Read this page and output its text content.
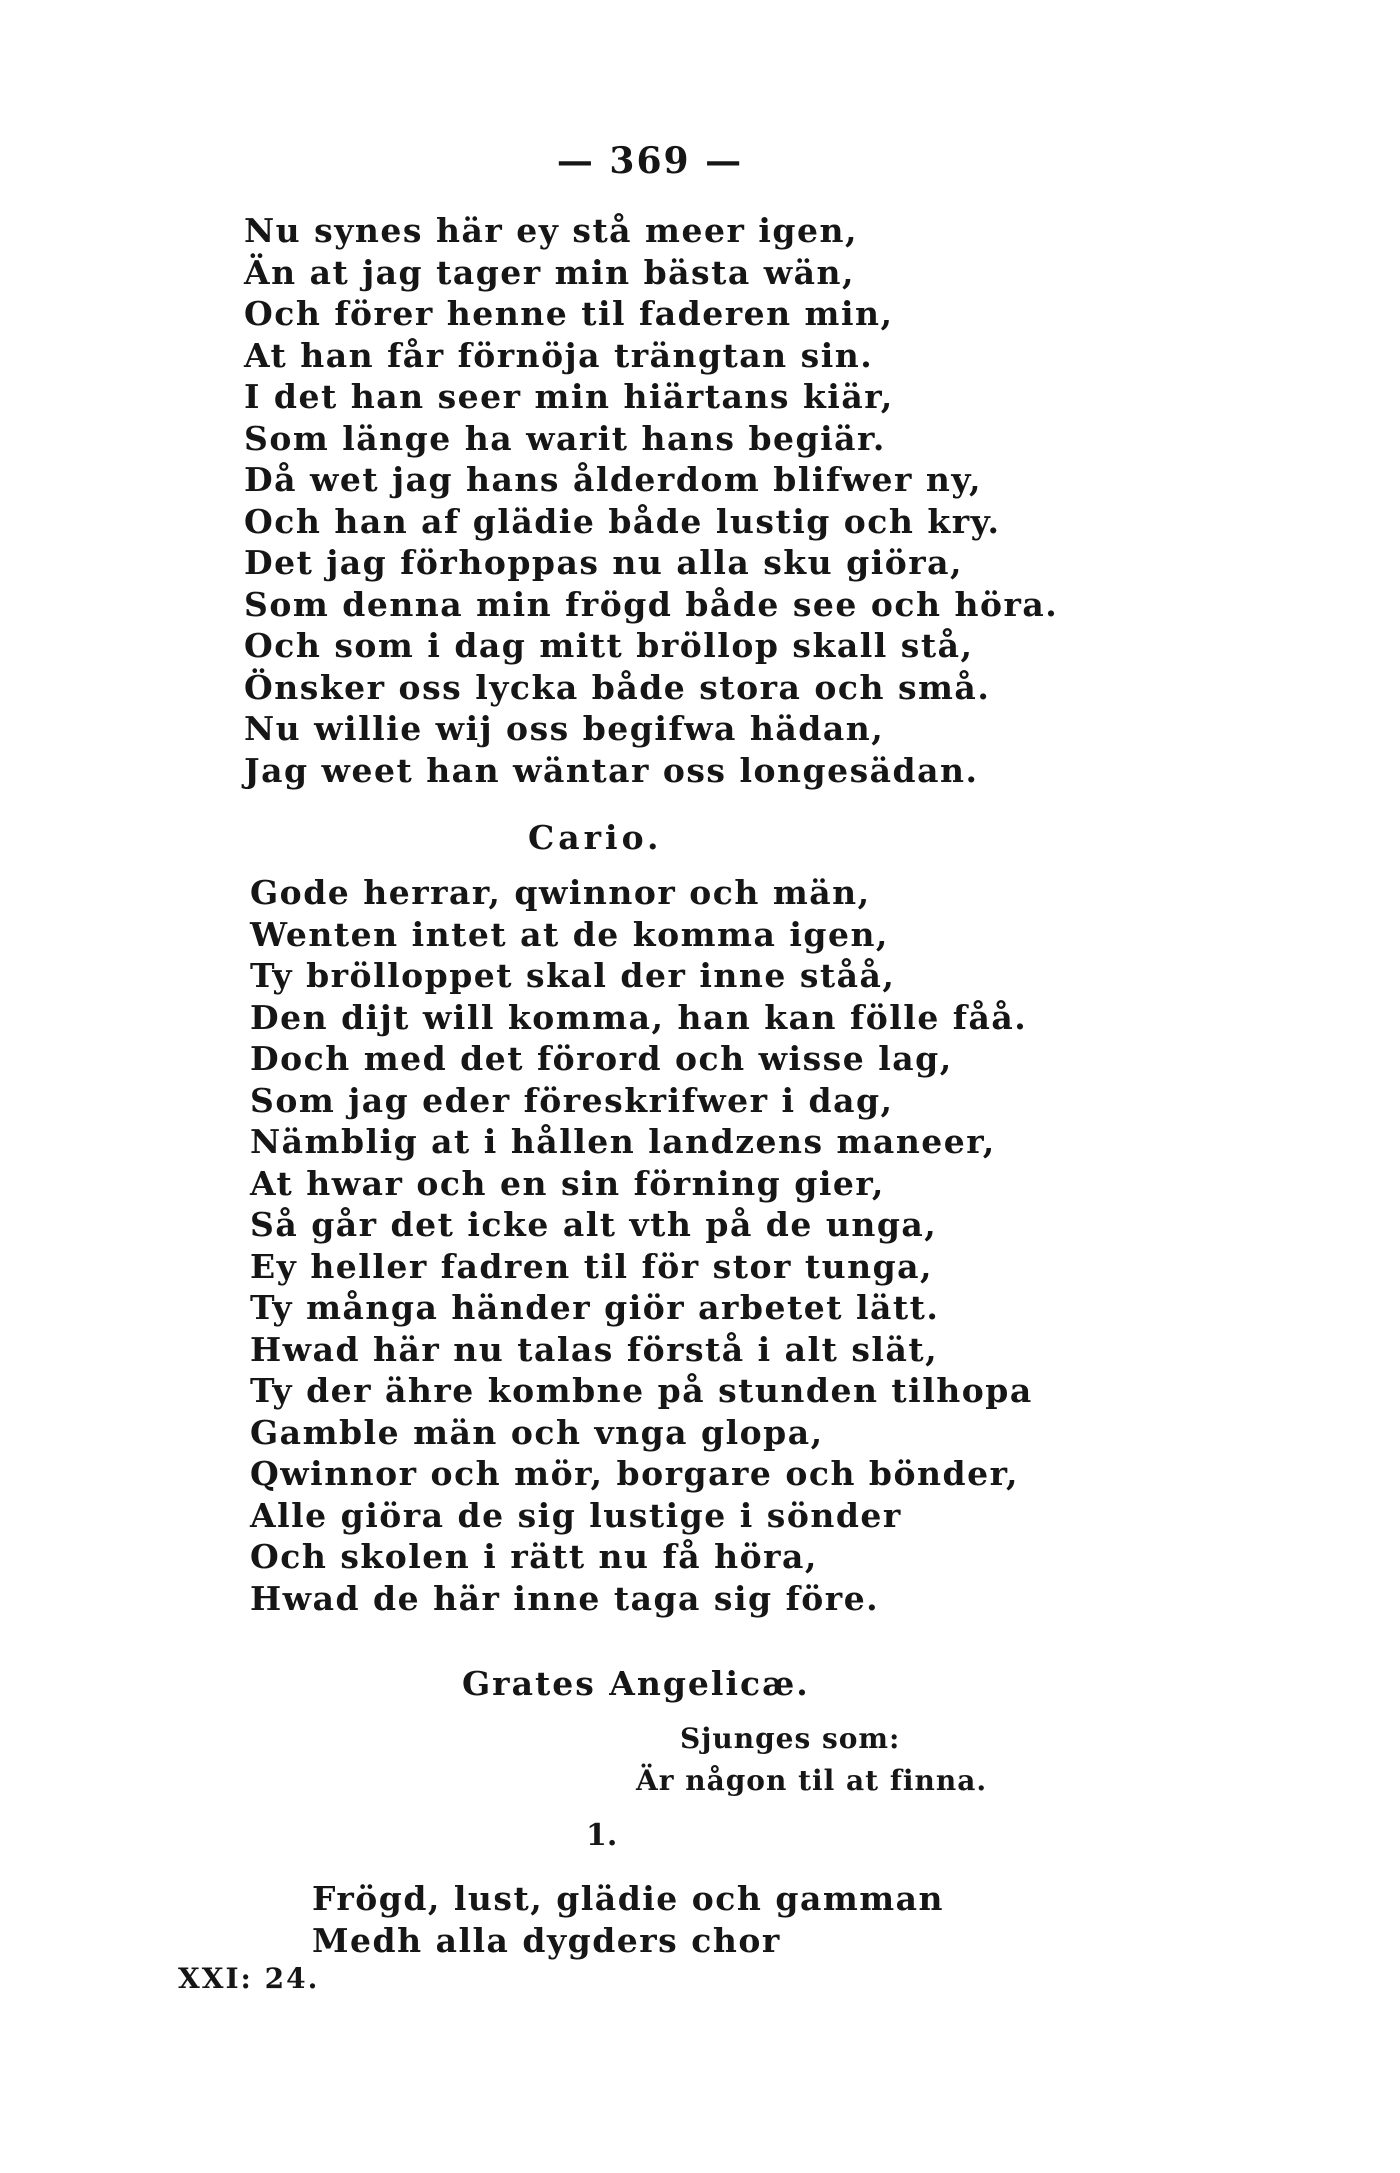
— 369 —
Nu synes här ey stå meer igen,
Än at jag tager min bästa wän,
Och förer henne til faderen min,
At han får förnöja trängtan sin.
I det han seer min hiärtans kiär,
Som länge ha warit hans begiär.
Då wet jag hans ålderdom blifwer ny,
Och han af glädie både lustig och kry.
Det jag förhoppas nu alla sku giöra,
Som denna min frögd både see och höra.
Och som i dag mitt bröllop skall stå,
Önsker oss lycka både stora och små.
Nu willie wij oss begifwa hädan,
Jag weet han wäntar oss longesädan.
Cario.
Gode herrar, qwinnor och män,
Wenten intet at de komma igen,
Ty brölloppet skal der inne ståå,
Den dijt will komma, han kan fölle fåå.
Doch med det förord och wisse lag,
Som jag eder föreskrifwer i dag,
Nämblig at i hållen landzens maneer,
At hwar och en sin förning gier,
Så går det icke alt vth på de unga,
Ey heller fadren til för stor tunga,
Ty många händer giör arbetet lätt.
Hwad här nu talas förstå i alt slät,
Ty der ähre kombne på stunden tilhopa
Gamble män och vnga glopa,
Qwinnor och mör, borgare och bönder,
Alle giöra de sig lustige i sönder
Och skolen i rätt nu få höra,
Hwad de här inne taga sig före.
Grates Angelicæ.
Sjunges som:
Är någon til at finna.
1.
Frögd, lust, glädie och gamman
Medh alla dygders chor
XXI: 24.
